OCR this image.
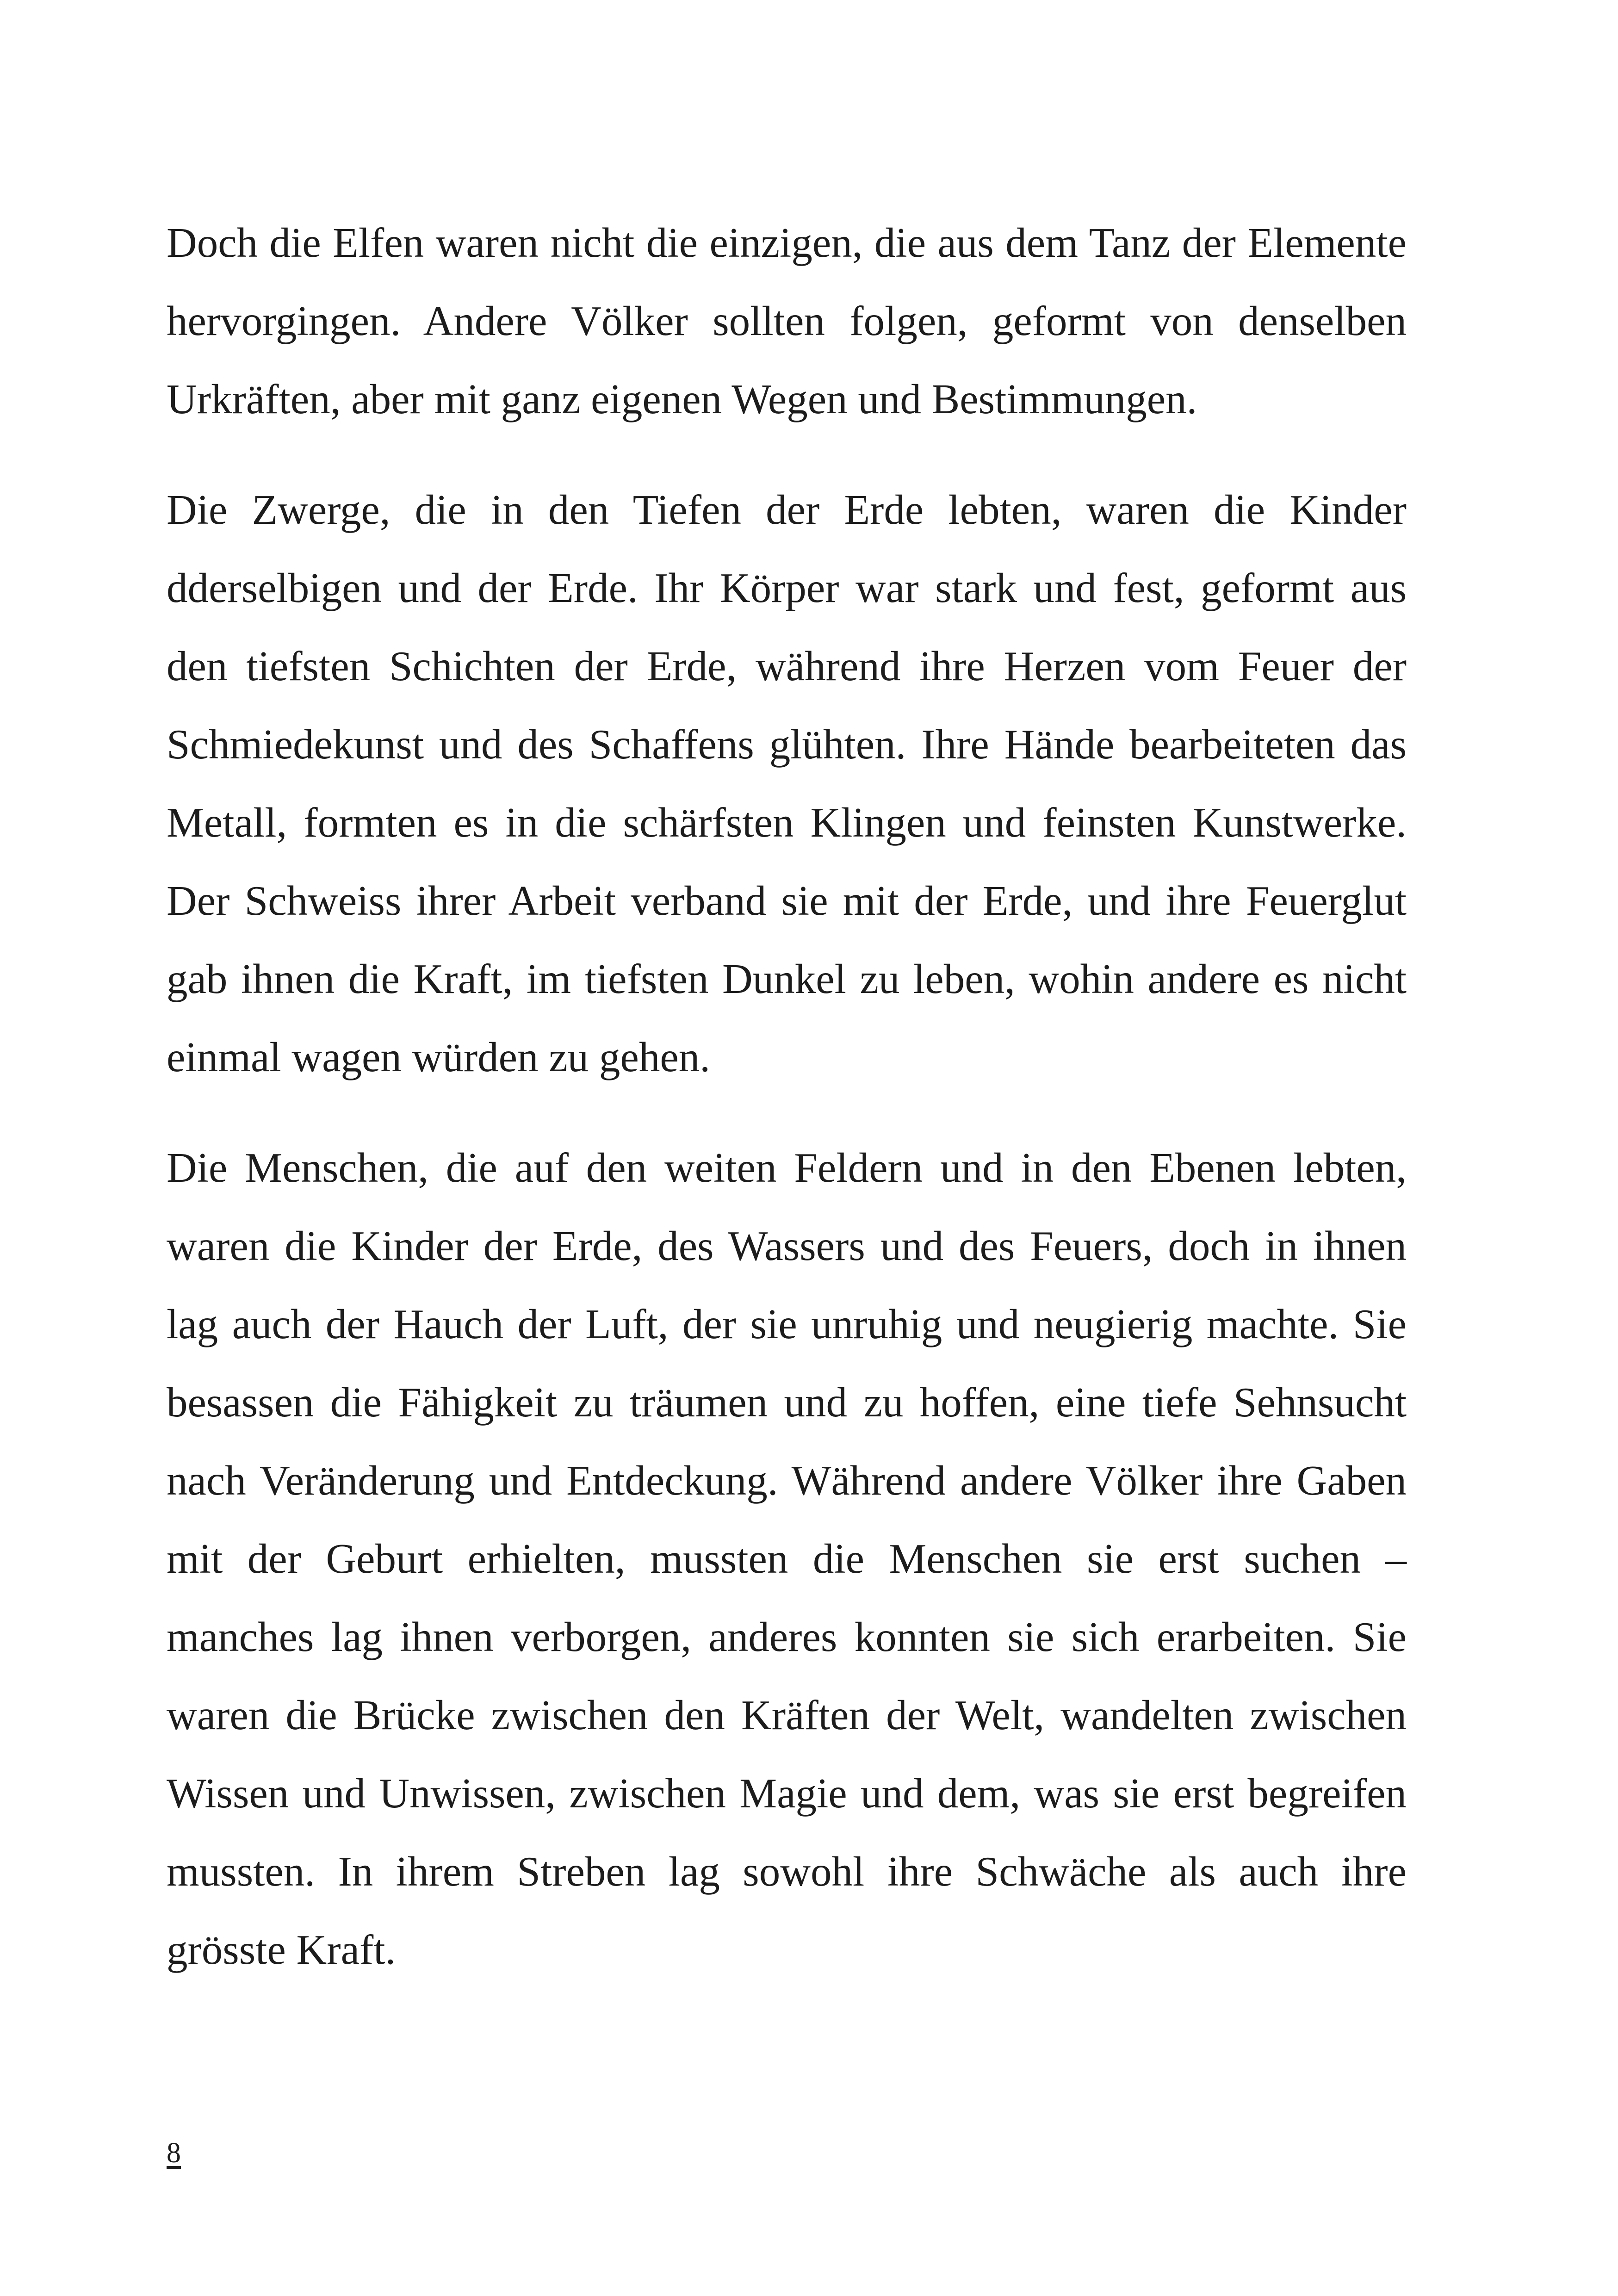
Doch die Elfen waren nicht die einzigen, die aus dem Tanz der Elemente hervorgingen. Andere Völker sollten folgen, geformt von denselben Urkräften, aber mit ganz eigenen Wegen und Bestimmungen.

Die Zwerge, die in den Tiefen der Erde lebten, waren die Kinder dderselbigen und der Erde. Ihr Körper war stark und fest, geformt aus den tiefsten Schichten der Erde, während ihre Herzen vom Feuer der Schmiedekunst und des Schaffens glühten. Ihre Hände bearbeiteten das Metall, formten es in die schärfsten Klingen und feinsten Kunstwerke. Der Schweiss ihrer Arbeit verband sie mit der Erde, und ihre Feuerglut gab ihnen die Kraft, im tiefsten Dunkel zu leben, wohin andere es nicht einmal wagen würden zu gehen.

Die Menschen, die auf den weiten Feldern und in den Ebenen lebten, waren die Kinder der Erde, des Wassers und des Feuers, doch in ihnen lag auch der Hauch der Luft, der sie unruhig und neugierig machte. Sie besassen die Fähigkeit zu träumen und zu hoffen, eine tiefe Sehnsucht nach Veränderung und Entdeckung. Während andere Völker ihre Gaben mit der Geburt erhielten, mussten die Menschen sie erst suchen – manches lag ihnen verborgen, anderes konnten sie sich erarbeiten. Sie waren die Brücke zwischen den Kräften der Welt, wandelten zwischen Wissen und Unwissen, zwischen Magie und dem, was sie erst begreifen mussten. In ihrem Streben lag sowohl ihre Schwäche als auch ihre grösste Kraft.

8
